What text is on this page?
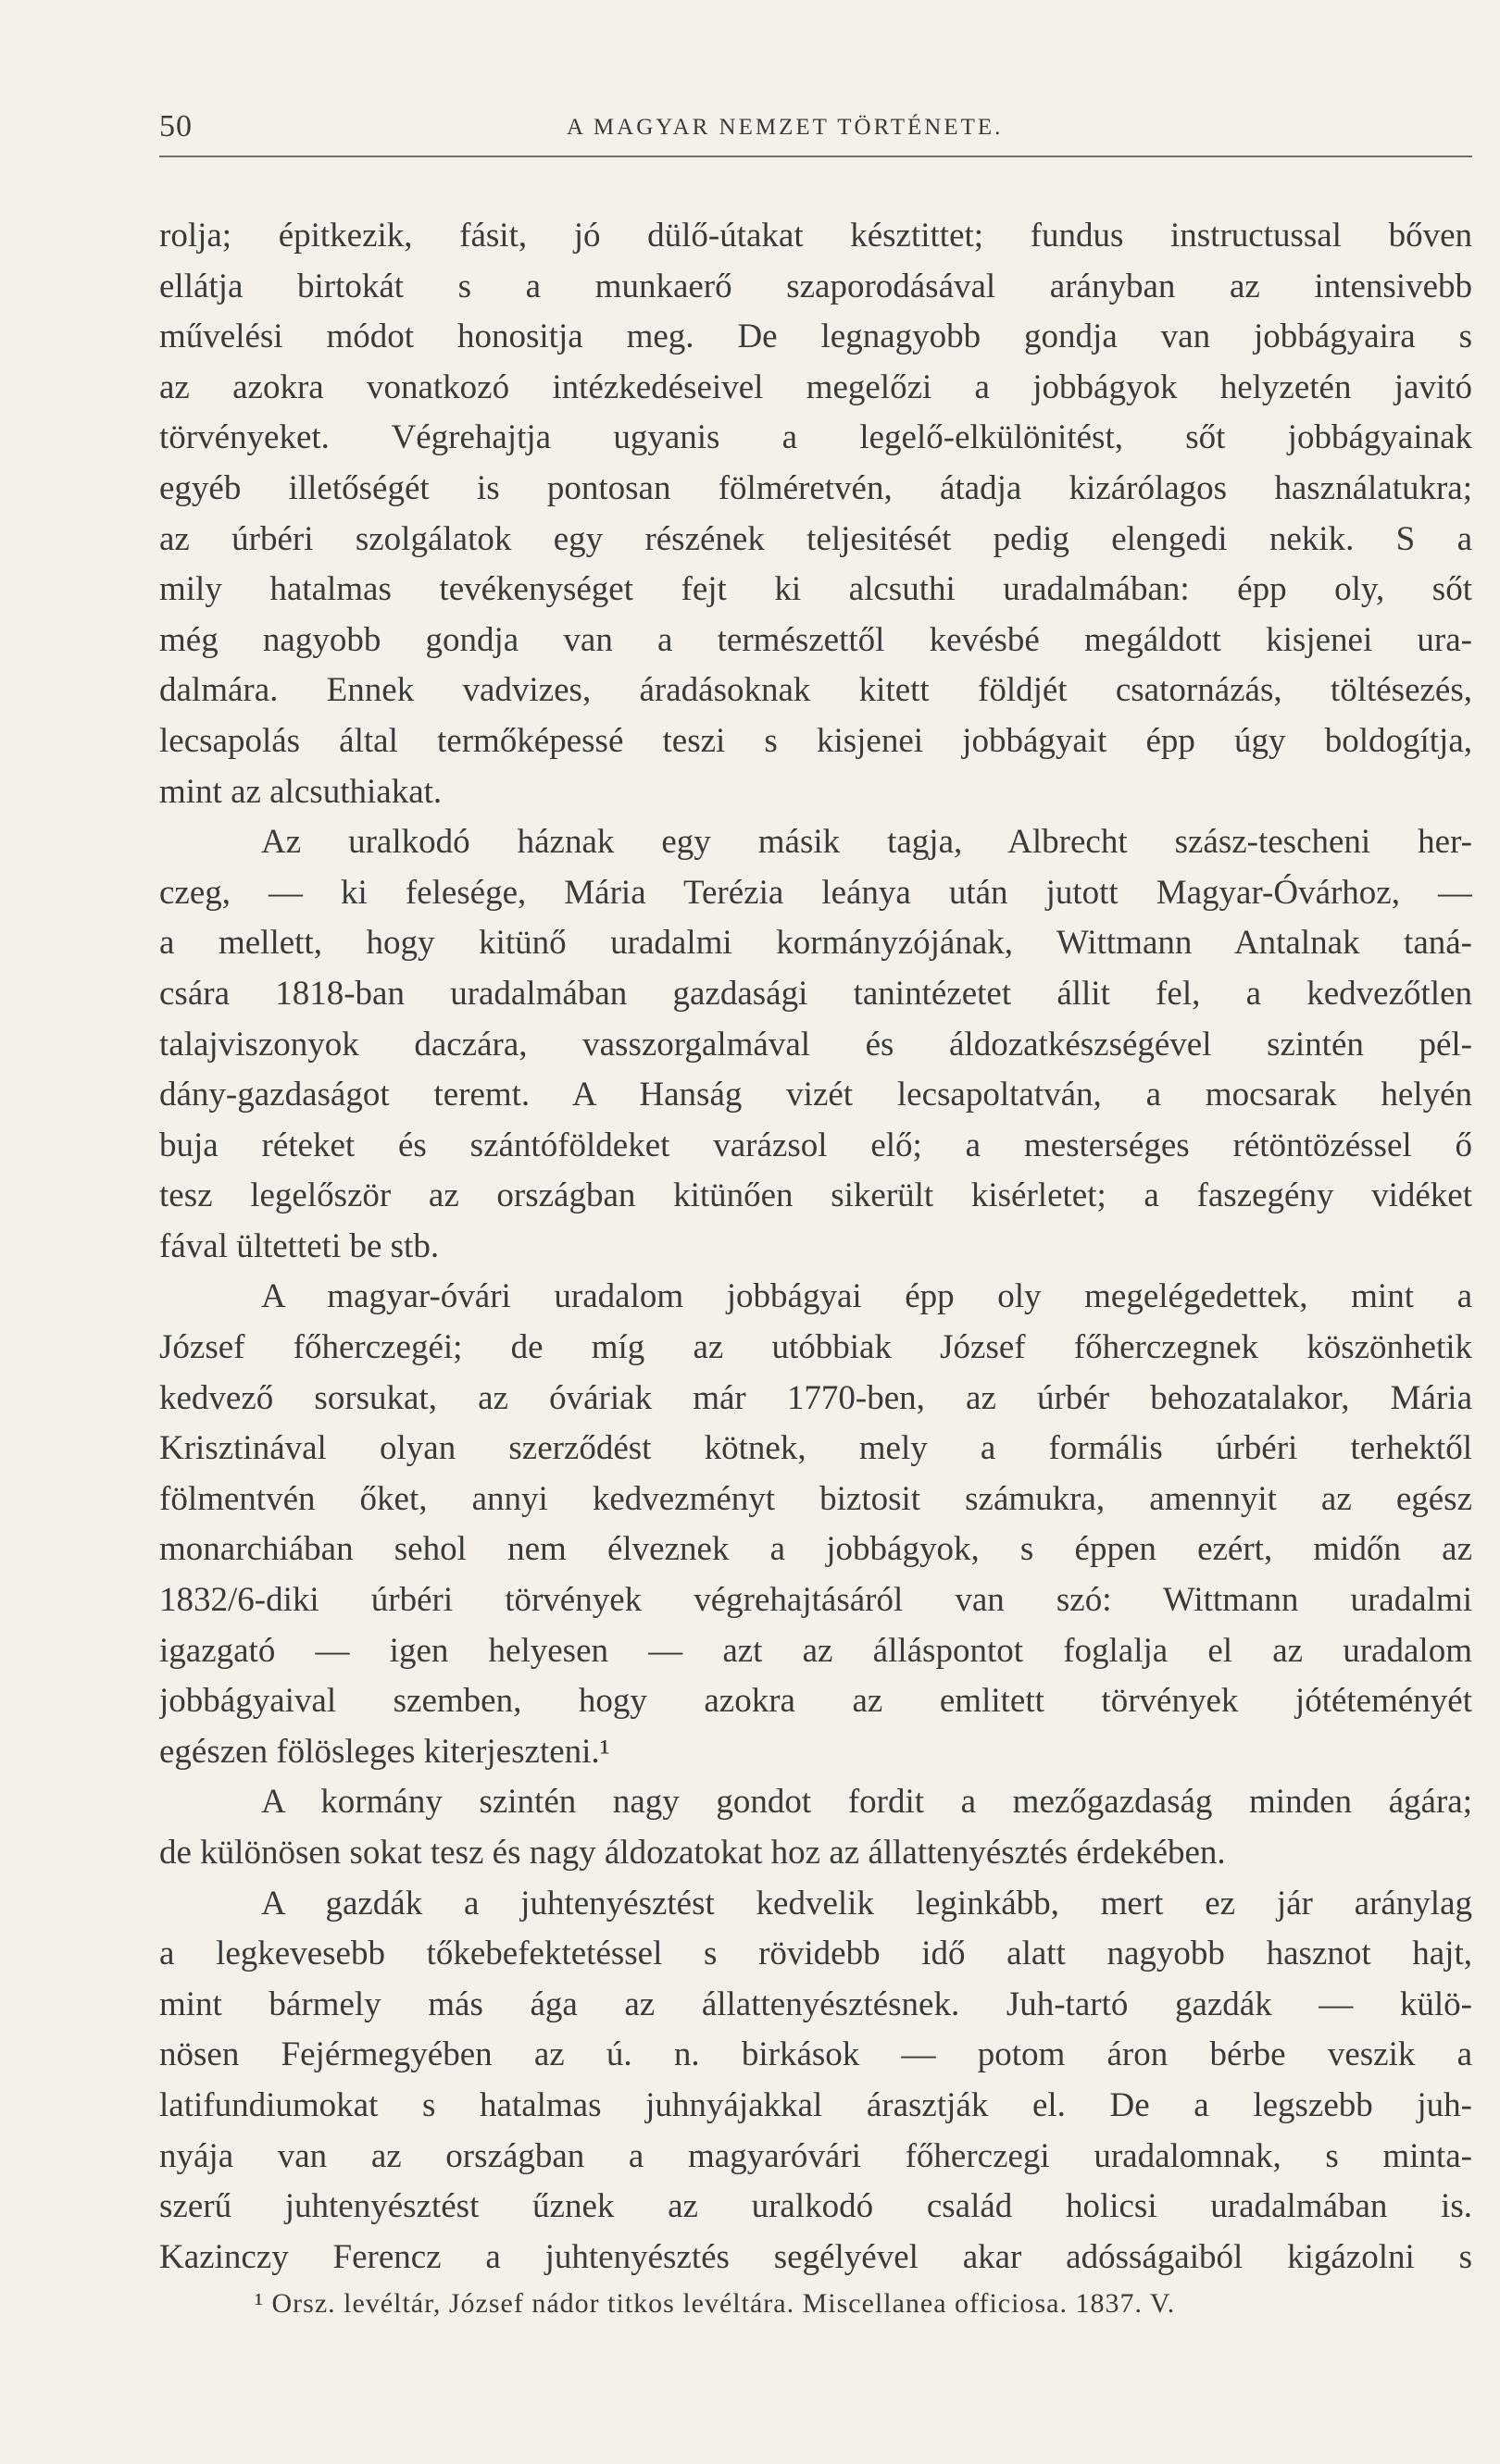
50	A MAGYAR NEMZET TÖRTÉNETE.
rolja; épitkezik, fásit, jó dülő-útakat késztittet; fundus instructussal bőven
ellátja birtokát s a munkaerő szaporodásával arányban az intensivebb
művelési módot honositja meg. De legnagyobb gondja van jobbágyaira s
az azokra vonatkozó intézkedéseivel megelőzi a jobbágyok helyzetén javitó
törvényeket. Végrehajtja ugyanis a legelő-elkülönitést, sőt jobbágyainak
egyéb illetőségét is pontosan fölméretvén, átadja kizárólagos használatukra;
az úrbéri szolgálatok egy részének teljesitését pedig elengedi nekik. S a
mily hatalmas tevékenységet fejt ki alcsuthi uradalmában: épp oly, sőt
még nagyobb gondja van a természettől kevésbé megáldott kisjenei ura-
dalmára. Ennek vadvizes, áradásoknak kitett földjét csatornázás, töltésezés,
lecsapolás által termőképessé teszi s kisjenei jobbágyait épp úgy boldogítja,
mint az alcsuthiakat.
Az uralkodó háznak egy másik tagja, Albrecht szász-tescheni her-
czeg, — ki felesége, Mária Terézia leánya után jutott Magyar-Óvárhoz, —
a mellett, hogy kitünő uradalmi kormányzójának, Wittmann Antalnak taná-
csára 1818-ban uradalmában gazdasági tanintézetet állit fel, a kedvezőtlen
talajviszonyok daczára, vasszorgalmával és áldozatkészségével szintén pél-
dány-gazdaságot teremt. A Hanság vizét lecsapoltatván, a mocsarak helyén
buja réteket és szántóföldeket varázsol elő; a mesterséges rétöntözéssel ő
tesz legelőször az országban kitünően sikerült kisérletet; a faszegény vidéket
fával ültetteti be stb.
A magyar-óvári uradalom jobbágyai épp oly megelégedettek, mint a
József főherczegéi; de míg az utóbbiak József főherczegnek köszönhetik
kedvező sorsukat, az óváriak már 1770-ben, az úrbér behozatalakor, Mária
Krisztinával olyan szerződést kötnek, mely a formális úrbéri terhektől
fölmentvén őket, annyi kedvezményt biztosit számukra, amennyit az egész
monarchiában sehol nem élveznek a jobbágyok, s éppen ezért, midőn az
1832/6-diki úrbéri törvények végrehajtásáról van szó: Wittmann uradalmi
igazgató — igen helyesen — azt az álláspontot foglalja el az uradalom
jobbágyaival szemben, hogy azokra az emlitett törvények jótéteményét
egészen fölösleges kiterjeszteni.¹
A kormány szintén nagy gondot fordit a mezőgazdaság minden ágára;
de különösen sokat tesz és nagy áldozatokat hoz az állattenyésztés érdekében.
A gazdák a juhtenyésztést kedvelik leginkább, mert ez jár aránylag
a legkevesebb tőkebefektetéssel s rövidebb idő alatt nagyobb hasznot hajt,
mint bármely más ága az állattenyésztésnek. Juh-tartó gazdák — külö-
nösen Fejérmegyében az ú. n. birkások — potom áron bérbe veszik a
latifundiumokat s hatalmas juhnyájakkal árasztják el. De a legszebb juh-
nyája van az országban a magyaróvári főherczegi uradalomnak, s minta-
szerű juhtenyésztést űznek az uralkodó család holicsi uradalmában is.
Kazinczy Ferencz a juhtenyésztés segélyével akar adósságaiból kigázolni s
¹ Orsz. levéltár, József nádor titkos levéltára. Miscellanea officiosa. 1837. V.
